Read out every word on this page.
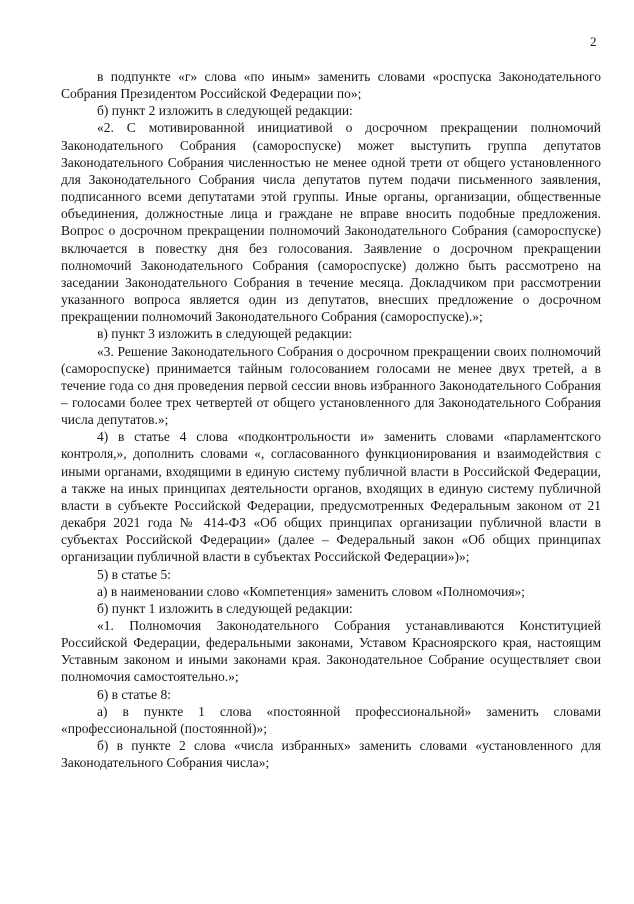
2

в подпункте «г» слова «по иным» заменить словами «роспуска Законодательного Собрания Президентом Российской Федерации по»;

б) пункт 2 изложить в следующей редакции:

«2. С мотивированной инициативой о досрочном прекращении полномочий Законодательного Собрания (самороспуске) может выступить группа депутатов Законодательного Собрания численностью не менее одной трети от общего установленного для Законодательного Собрания числа депутатов путем подачи письменного заявления, подписанного всеми депутатами этой группы. Иные органы, организации, общественные объединения, должностные лица и граждане не вправе вносить подобные предложения. Вопрос о досрочном прекращении полномочий Законодательного Собрания (самороспуске) включается в повестку дня без голосования. Заявление о досрочном прекращении полномочий Законодательного Собрания (самороспуске) должно быть рассмотрено на заседании Законодательного Собрания в течение месяца. Докладчиком при рассмотрении указанного вопроса является один из депутатов, внесших предложение о досрочном прекращении полномочий Законодательного Собрания (самороспуске).»;

в) пункт 3 изложить в следующей редакции:

«3. Решение Законодательного Собрания о досрочном прекращении своих полномочий (самороспуске) принимается тайным голосованием голосами не менее двух третей, а в течение года со дня проведения первой сессии вновь избранного Законодательного Собрания – голосами более трех четвертей от общего установленного для Законодательного Собрания числа депутатов.»;

4) в статье 4 слова «подконтрольности и» заменить словами «парламентского контроля,», дополнить словами «, согласованного функционирования и взаимодействия с иными органами, входящими в единую систему публичной власти в Российской Федерации, а также на иных принципах деятельности органов, входящих в единую систему публичной власти в субъекте Российской Федерации, предусмотренных Федеральным законом от 21 декабря 2021 года № 414-ФЗ «Об общих принципах организации публичной власти в субъектах Российской Федерации» (далее – Федеральный закон «Об общих принципах организации публичной власти в субъектах Российской Федерации»)»;

5) в статье 5:

а) в наименовании слово «Компетенция» заменить словом «Полномочия»;

б) пункт 1 изложить в следующей редакции:

«1. Полномочия Законодательного Собрания устанавливаются Конституцией Российской Федерации, федеральными законами, Уставом Красноярского края, настоящим Уставным законом и иными законами края. Законодательное Собрание осуществляет свои полномочия самостоятельно.»;

6) в статье 8:

а) в пункте 1 слова «постоянной профессиональной» заменить словами «профессиональной (постоянной)»;

б) в пункте 2 слова «числа избранных» заменить словами «установленного для Законодательного Собрания числа»;
